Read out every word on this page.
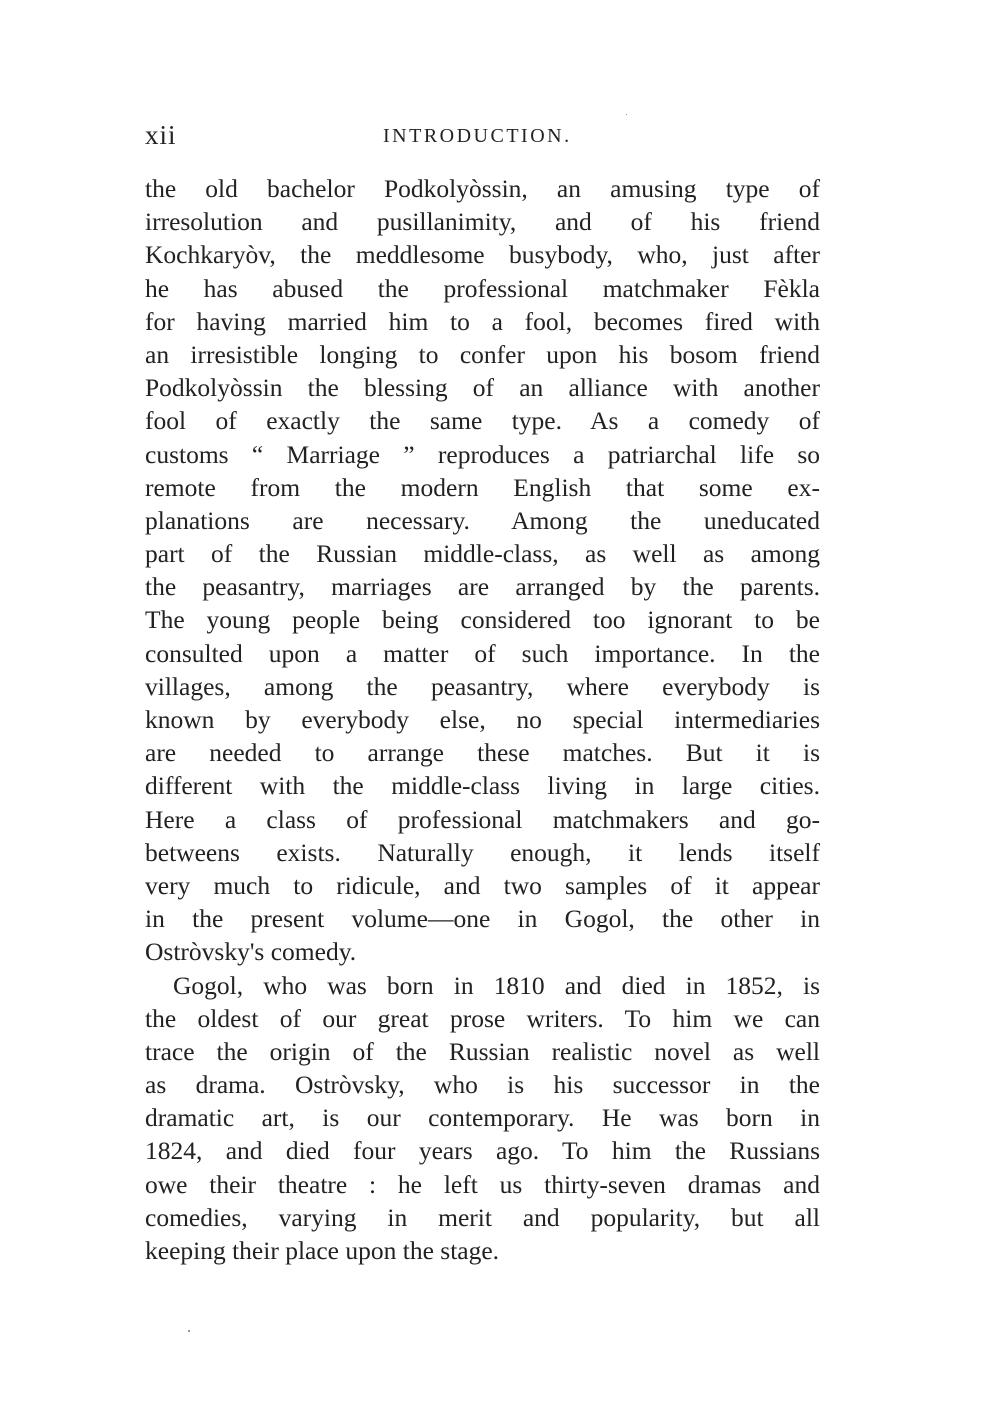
xii	INTRODUCTION.
the old bachelor Podkolyòssin, an amusing type of
irresolution and pusillanimity, and of his friend
Kochkaryòv, the meddlesome busybody, who, just after
he has abused the professional matchmaker Fèkla
for having married him to a fool, becomes fired with
an irresistible longing to confer upon his bosom friend
Podkolyòssin the blessing of an alliance with another
fool of exactly the same type. As a comedy of
customs “ Marriage ” reproduces a patriarchal life so
remote from the modern English that some ex-
planations are necessary. Among the uneducated
part of the Russian middle-class, as well as among
the peasantry, marriages are arranged by the parents.
The young people being considered too ignorant to be
consulted upon a matter of such importance. In the
villages, among the peasantry, where everybody is
known by everybody else, no special intermediaries
are needed to arrange these matches. But it is
different with the middle-class living in large cities.
Here a class of professional matchmakers and go-
betweens exists. Naturally enough, it lends itself
very much to ridicule, and two samples of it appear
in the present volume—one in Gogol, the other in
Ostròvsky's comedy.
Gogol, who was born in 1810 and died in 1852, is
the oldest of our great prose writers. To him we can
trace the origin of the Russian realistic novel as well
as drama. Ostròvsky, who is his successor in the
dramatic art, is our contemporary. He was born in
1824, and died four years ago. To him the Russians
owe their theatre : he left us thirty-seven dramas and
comedies, varying in merit and popularity, but all
keeping their place upon the stage.
